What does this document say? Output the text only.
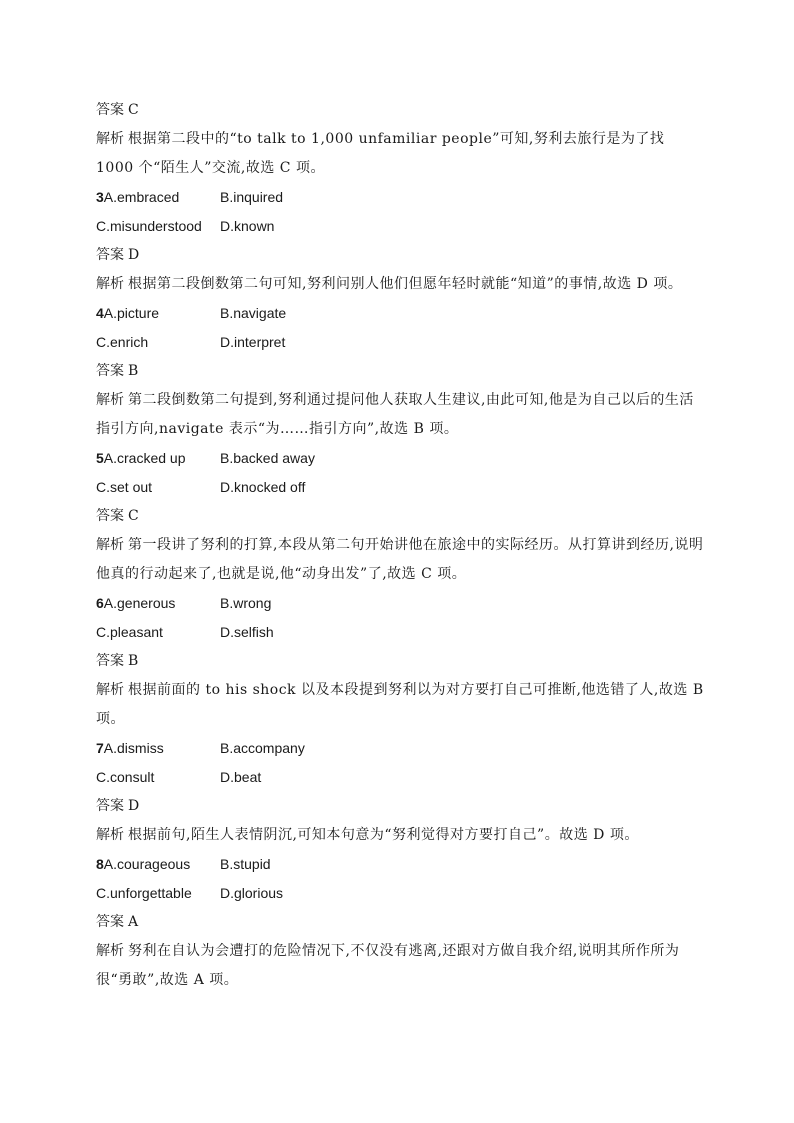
答案 C
解析 根据第二段中的“to talk to 1,000 unfamiliar people”可知,努利去旅行是为了找 1000 个“陌生人”交流,故选 C 项。
3A.embraced	B.inquired
C.misunderstood D.known
答案 D
解析 根据第二段倒数第二句可知,努利问别人他们但愿年轻时就能“知道”的事情,故选 D 项。
4A.picture	B.navigate
C.enrich	D.interpret
答案 B
解析 第二段倒数第二句提到,努利通过提问他人获取人生建议,由此可知,他是为自己以后的生活指引方向,navigate 表示“为……指引方向”,故选 B 项。
5A.cracked up B.backed away
C.set out	D.knocked off
答案 C
解析 第一段讲了努利的打算,本段从第二句开始讲他在旅途中的实际经历。从打算讲到经历,说明他真的行动起来了,也就是说,他“动身出发”了,故选 C 项。
6A.generous	B.wrong
C.pleasant	D.selfish
答案 B
解析 根据前面的 to his shock 以及本段提到努利以为对方要打自己可推断,他选错了人,故选 B 项。
7A.dismiss	B.accompany
C.consult	D.beat
答案 D
解析 根据前句,陌生人表情阴沉,可知本句意为“努利觉得对方要打自己”。故选 D 项。
8A.courageous B.stupid
C.unforgettable D.glorious
答案 A
解析 努利在自认为会遭打的危险情况下,不仅没有逃离,还跟对方做自我介绍,说明其所作所为很“勇敢”,故选 A 项。
